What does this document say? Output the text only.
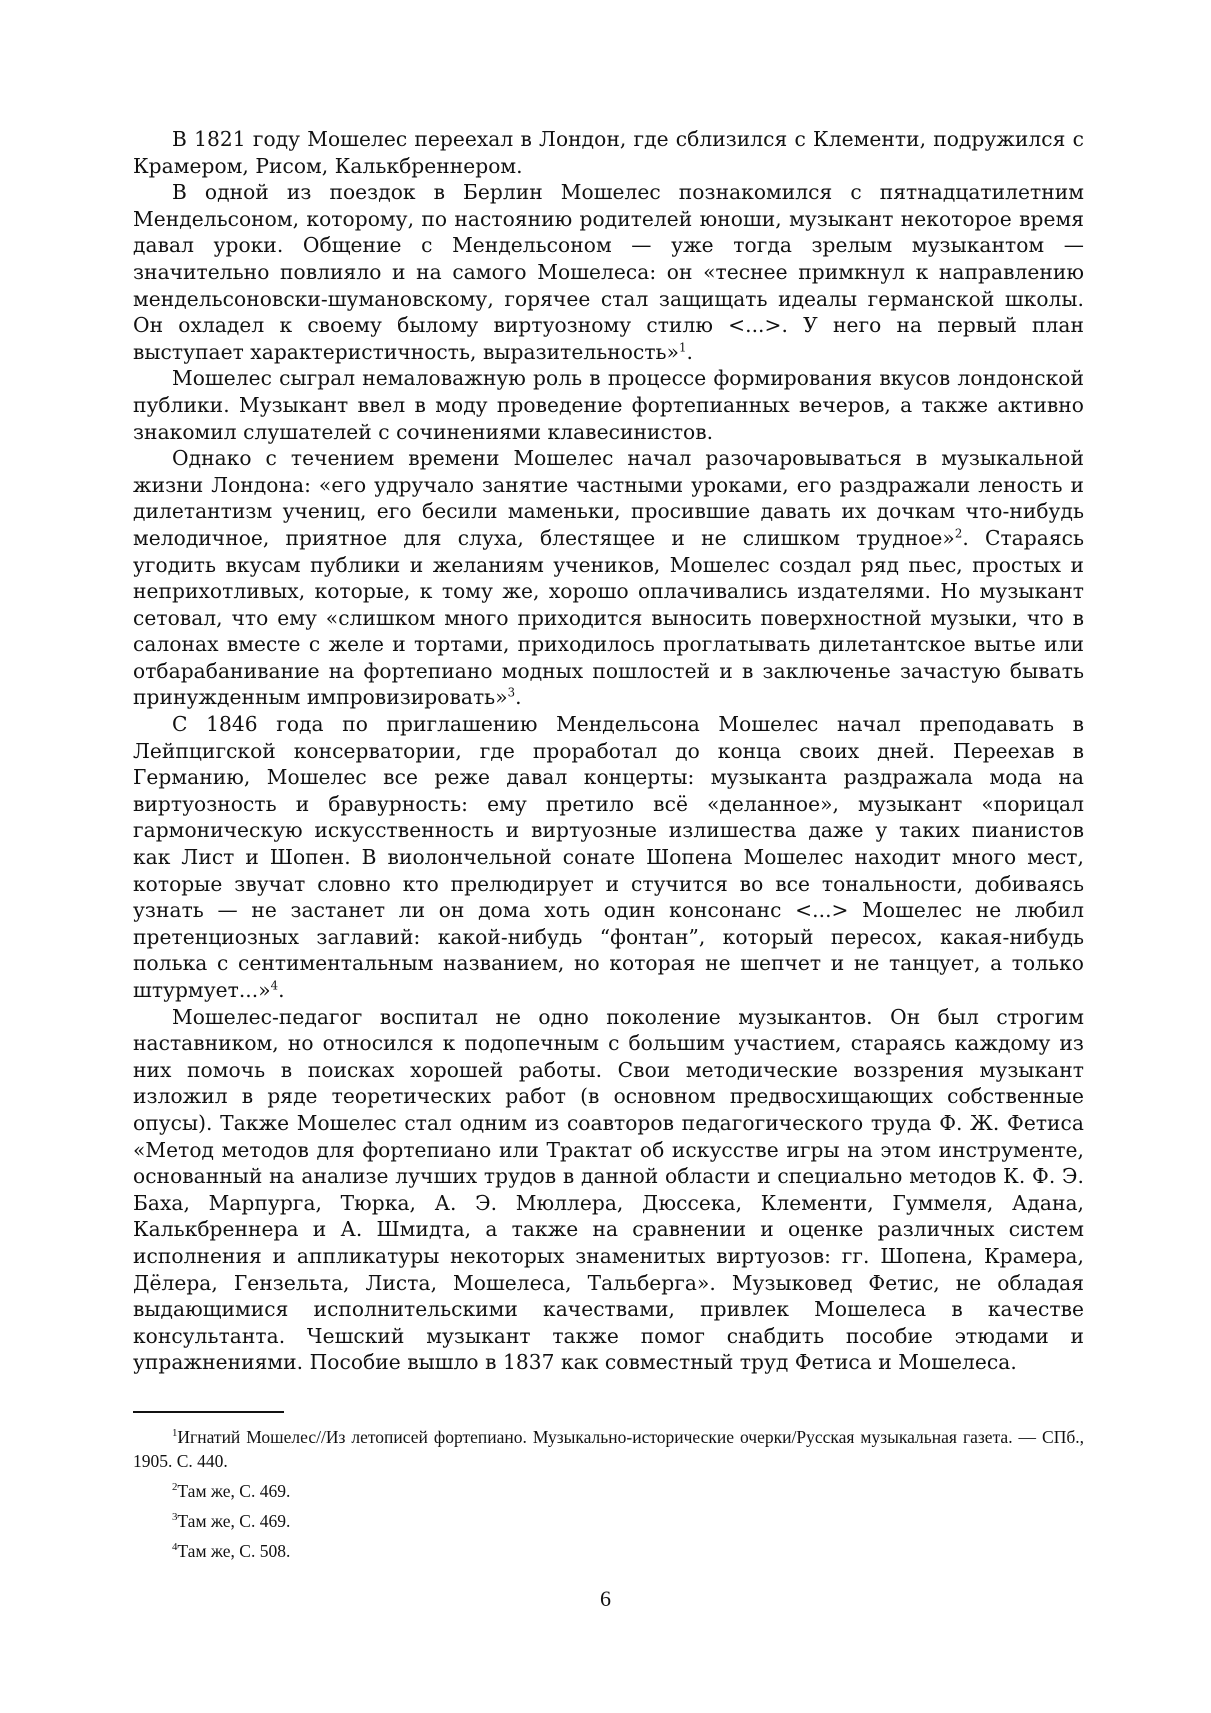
В 1821 году Мошелес переехал в Лондон, где сблизился с Клементи, подружился с Крамером, Рисом, Калькбреннером.

В одной из поездок в Берлин Мошелес познакомился с пятнадцатилетним Мендельсоном, которому, по настоянию родителей юноши, музыкант некоторое время давал уроки. Общение с Мендельсоном — уже тогда зрелым музыкантом — значительно повлияло и на самого Мошелеса: он «теснее примкнул к направлению мендельсоновски-шумановскому, горячее стал защищать идеалы германской школы. Он охладел к своему былому виртуозному стилю <...>. У него на первый план выступает характеристичность, выразительность»$^1$.

Мошелес сыграл немаловажную роль в процессе формирования вкусов лондонской публики. Музыкант ввел в моду проведение фортепианных вечеров, а также активно знакомил слушателей с сочинениями клавесинистов.

Однако с течением времени Мошелес начал разочаровываться в музыкальной жизни Лондона: «его удручало занятие частными уроками, его раздражали леность и дилетантизм учениц, его бесили маменьки, просившие давать их дочкам что-нибудь мелодичное, приятное для слуха, блестящее и не слишком трудное»$^2$. Стараясь угодить вкусам публики и желаниям учеников, Мошелес создал ряд пьес, простых и неприхотливых, которые, к тому же, хорошо оплачивались издателями. Но музыкант сетовал, что ему «слишком много приходится выносить поверхностной музыки, что в салонах вместе с желе и тортами, приходилось проглатывать дилетантское вытье или отбарабанивание на фортепиано модных пошлостей и в заключенье зачастую бывать принужденным импровизировать»$^3$.

С 1846 года по приглашению Мендельсона Мошелес начал преподавать в Лейпцигской консерватории, где проработал до конца своих дней. Переехав в Германию, Мошелес все реже давал концерты: музыканта раздражала мода на виртуозность и бравурность: ему претило всё «деланное», музыкант «порицал гармоническую искусственность и виртуозные излишества даже у таких пианистов как Лист и Шопен. В виолончельной сонате Шопена Мошелес находит много мест, которые звучат словно кто прелюдирует и стучится во все тональности, добиваясь узнать — не застанет ли он дома хоть один консонанс <...> Мошелес не любил претенциозных заглавий: какой-нибудь “фонтан”, который пересох, какая-нибудь полька с сентиментальным названием, но которая не шепчет и не танцует, а только штурмует...»$^4$.

Мошелес-педагог воспитал не одно поколение музыкантов. Он был строгим наставником, но относился к подопечным с большим участием, стараясь каждому из них помочь в поисках хорошей работы. Свои методические воззрения музыкант изложил в ряде теоретических работ (в основном предвосхищающих собственные опусы). Также Мошелес стал одним из соавторов педагогического труда Ф. Ж. Фетиса «Метод методов для фортепиано или Трактат об искусстве игры на этом инструменте, основанный на анализе лучших трудов в данной области и специально методов К. Ф. Э. Баха, Марпурга, Тюрка, А. Э. Мюллера, Дюссека, Клементи, Гуммеля, Адана, Калькбреннера и А. Шмидта, а также на сравнении и оценке различных систем исполнения и аппликатуры некоторых знаменитых виртуозов: гг. Шопена, Крамера, Дёлера, Гензельта, Листа, Мошелеса, Тальберга». Музыковед Фетис, не обладая выдающимися исполнительскими качествами, привлек Мошелеса в качестве консультанта. Чешский музыкант также помог снабдить пособие этюдами и упражнениями. Пособие вышло в 1837 как совместный труд Фетиса и Мошелеса.

$^1$Игнатий Мошелес//Из летописей фортепиано. Музыкально-исторические очерки/Русская музыкальная газета. — СПб., 1905. С. 440.

$^2$Там же, С. 469.

$^3$Там же, С. 469.

$^4$Там же, С. 508.

6
